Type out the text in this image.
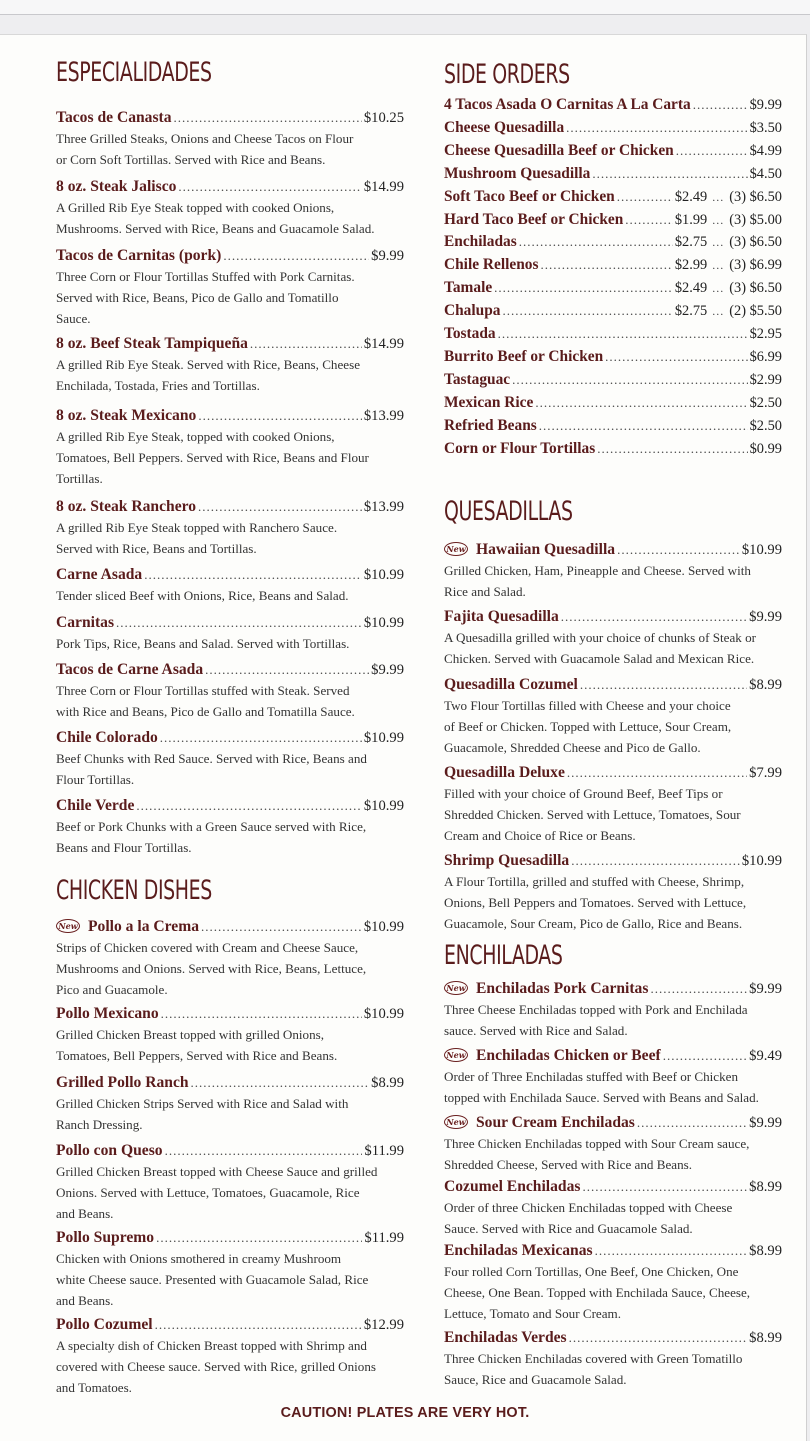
ESPECIALIDADES
Tacos de Canasta .....	$10.25
Three Grilled Steaks, Onions and Cheese Tacos on Flour
or Corn Soft Tortillas. Served with Rice and Beans.
8 oz. Steak Jalisco .....	$14.99
A Grilled Rib Eye Steak topped with cooked Onions,
Mushrooms. Served with Rice, Beans and Guacamole Salad.
Tacos de Carnitas (pork) .....	$9.99
Three Corn or Flour Tortillas Stuffed with Pork Carnitas.
Served with Rice, Beans, Pico de Gallo and Tomatillo
Sauce.
8 oz. Beef Steak Tampiqueña .....	$14.99
A grilled Rib Eye Steak. Served with Rice, Beans, Cheese
Enchilada, Tostada, Fries and Tortillas.
8 oz. Steak Mexicano .....	$13.99
A grilled Rib Eye Steak, topped with cooked Onions,
Tomatoes, Bell Peppers. Served with Rice, Beans and Flour
Tortillas.
8 oz. Steak Ranchero .....	$13.99
A grilled Rib Eye Steak topped with Ranchero Sauce.
Served with Rice, Beans and Tortillas.
Carne Asada .....	$10.99
Tender sliced Beef with Onions, Rice, Beans and Salad.
Carnitas .....	$10.99
Pork Tips, Rice, Beans and Salad. Served with Tortillas.
Tacos de Carne Asada .....	$9.99
Three Corn or Flour Tortillas stuffed with Steak. Served
with Rice and Beans, Pico de Gallo and Tomatilla Sauce.
Chile Colorado .....	$10.99
Beef Chunks with Red Sauce. Served with Rice, Beans and
Flour Tortillas.
Chile Verde .....	$10.99
Beef or Pork Chunks with a Green Sauce served with Rice,
Beans and Flour Tortillas.
CHICKEN DISHES
New Pollo a la Crema .....	$10.99
Strips of Chicken covered with Cream and Cheese Sauce,
Mushrooms and Onions. Served with Rice, Beans, Lettuce,
Pico and Guacamole.
Pollo Mexicano .....	$10.99
Grilled Chicken Breast topped with grilled Onions,
Tomatoes, Bell Peppers, Served with Rice and Beans.
Grilled Pollo Ranch .....	$8.99
Grilled Chicken Strips Served with Rice and Salad with
Ranch Dressing.
Pollo con Queso .....	$11.99
Grilled Chicken Breast topped with Cheese Sauce and grilled
Onions. Served with Lettuce, Tomatoes, Guacamole, Rice
and Beans.
Pollo Supremo .....	$11.99
Chicken with Onions smothered in creamy Mushroom
white Cheese sauce. Presented with Guacamole Salad, Rice
and Beans.
Pollo Cozumel .....	$12.99
A specialty dish of Chicken Breast topped with Shrimp and
covered with Cheese sauce. Served with Rice, grilled Onions
and Tomatoes.
SIDE ORDERS
4 Tacos Asada O Carnitas A La Carta .....	$9.99
Cheese Quesadilla .....	$3.50
Cheese Quesadilla Beef or Chicken .....	$4.99
Mushroom Quesadilla .....	$4.50
Soft Taco Beef or Chicken .....	$2.49 ... (3) $6.50
Hard Taco Beef or Chicken .....	$1.99 ... (3) $5.00
Enchiladas .....	$2.75 ... (3) $6.50
Chile Rellenos .....	$2.99 ... (3) $6.99
Tamale .....	$2.49 ... (3) $6.50
Chalupa .....	$2.75 ... (2) $5.50
Tostada .....	$2.95
Burrito Beef or Chicken .....	$6.99
Tastaguac .....	$2.99
Mexican Rice .....	$2.50
Refried Beans .....	$2.50
Corn or Flour Tortillas .....	$0.99
QUESADILLAS
New Hawaiian Quesadilla .....	$10.99
Grilled Chicken, Ham, Pineapple and Cheese. Served with
Rice and Salad.
Fajita Quesadilla .....	$9.99
A Quesadilla grilled with your choice of chunks of Steak or
Chicken. Served with Guacamole Salad and Mexican Rice.
Quesadilla Cozumel .....	$8.99
Two Flour Tortillas filled with Cheese and your choice
of Beef or Chicken. Topped with Lettuce, Sour Cream,
Guacamole, Shredded Cheese and Pico de Gallo.
Quesadilla Deluxe .....	$7.99
Filled with your choice of Ground Beef, Beef Tips or
Shredded Chicken. Served with Lettuce, Tomatoes, Sour
Cream and Choice of Rice or Beans.
Shrimp Quesadilla .....	$10.99
A Flour Tortilla, grilled and stuffed with Cheese, Shrimp,
Onions, Bell Peppers and Tomatoes. Served with Lettuce,
Guacamole, Sour Cream, Pico de Gallo, Rice and Beans.
ENCHILADAS
New Enchiladas Pork Carnitas .....	$9.99
Three Cheese Enchiladas topped with Pork and Enchilada
sauce. Served with Rice and Salad.
New Enchiladas Chicken or Beef .....	$9.49
Order of Three Enchiladas stuffed with Beef or Chicken
topped with Enchilada Sauce. Served with Beans and Salad.
New Sour Cream Enchiladas .....	$9.99
Three Chicken Enchiladas topped with Sour Cream sauce,
Shredded Cheese, Served with Rice and Beans.
Cozumel Enchiladas .....	$8.99
Order of three Chicken Enchiladas topped with Cheese
Sauce. Served with Rice and Guacamole Salad.
Enchiladas Mexicanas .....	$8.99
Four rolled Corn Tortillas, One Beef, One Chicken, One
Cheese, One Bean. Topped with Enchilada Sauce, Cheese,
Lettuce, Tomato and Sour Cream.
Enchiladas Verdes .....	$8.99
Three Chicken Enchiladas covered with Green Tomatillo
Sauce, Rice and Guacamole Salad.
CAUTION! PLATES ARE VERY HOT.
